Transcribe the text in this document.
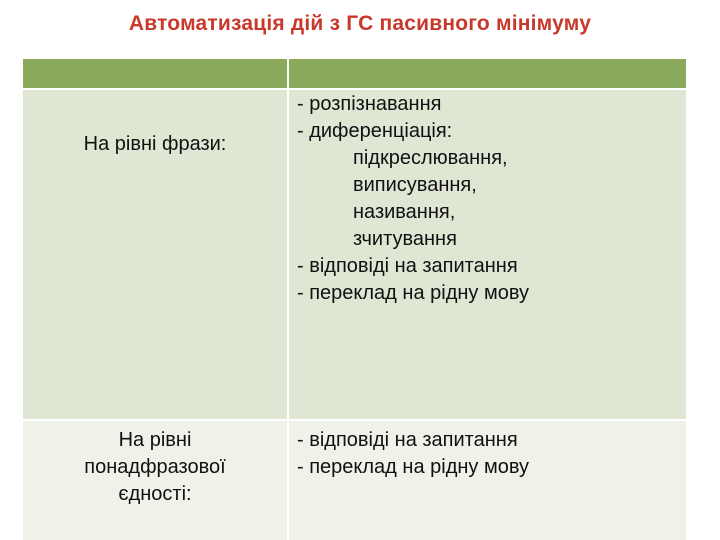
Автоматизація дій з ГС пасивного мінімуму
На рівні фрази:
- розпізнавання
- диференціація:
підкреслювання,
виписування,
називання,
зчитування
- відповіді на запитання
- переклад на рідну мову
На рівні
понадфразової
єдності:
- відповіді на запитання
- переклад на рідну мову
